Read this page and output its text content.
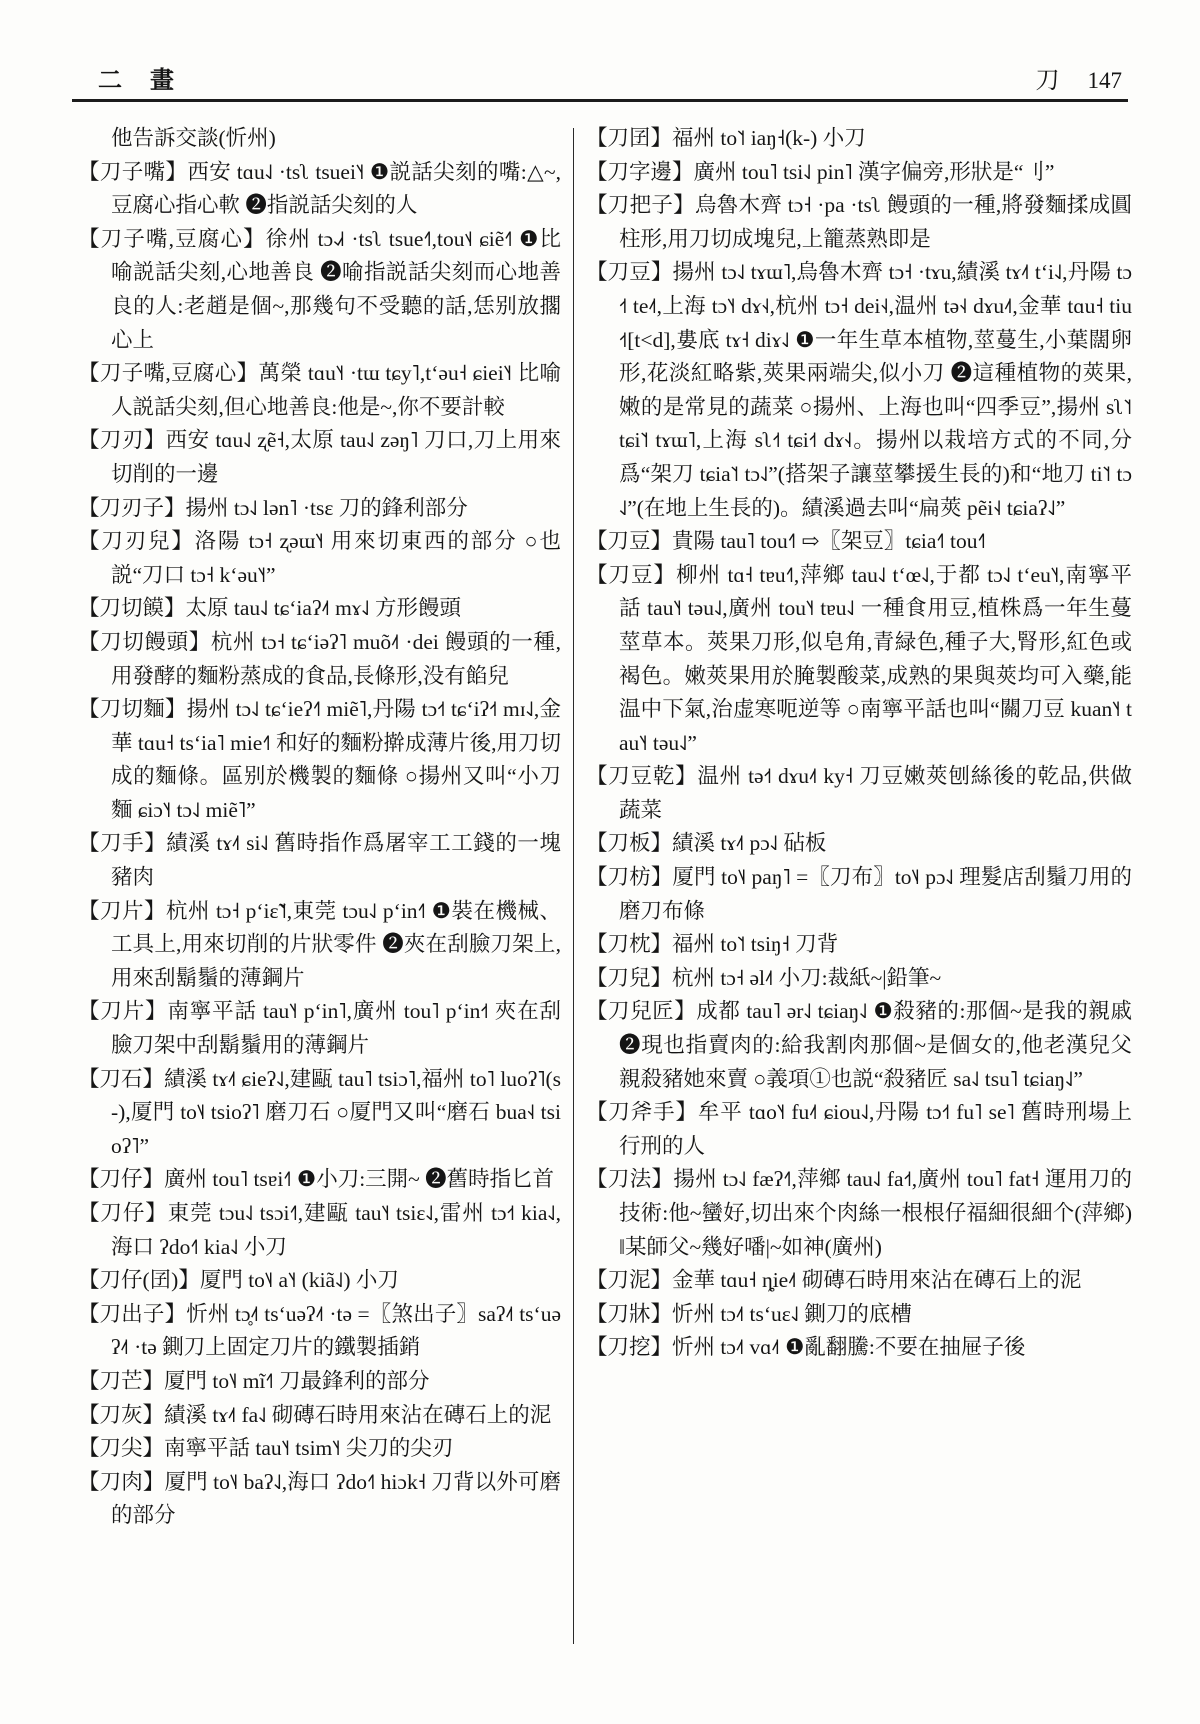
二　畫	刀 147

他告訴交談(忻州)

【刀子嘴】西安 tɑu˨˩ ·tsʅ tsuei˥˧ ❶説話尖刻的嘴:△~,豆腐心指心軟 ❷指説話尖刻的人

【刀子嘴,豆腐心】徐州 tɔ˨˩˧ ·tsʅ tsue˧˥,tou˦˨ ɕiẽ˧˥ ❶比喻説話尖刻,心地善良 ❷喻指説話尖刻而心地善良的人:老趙是個~,那幾句不受聽的話,恁别放擱心上

【刀子嘴,豆腐心】萬榮 tɑu˥˧ ·tɯ tɕy˥,tʻəu˧ ɕiei˥˧ 比喻人説話尖刻,但心地善良:他是~,你不要計較

【刀刃】西安 tɑu˨˩ ʐẽ˧,太原 tau˨˩ zəŋ˥ 刀口,刀上用來切削的一邊

【刀刃子】揚州 tɔ˨˩ lən˥ ·tsɛ 刀的鋒利部分

【刀刃兒】洛陽 tɔ˧ ʐəɯ˥˧ 用來切東西的部分 ○也説“刀口 tɔ˧ kʻəu˥˧”

【刀切饃】太原 tau˨˩ tɕʻiaʔ˨˦ mɤ˨˩ 方形饅頭

【刀切饅頭】杭州 tɔ˧ tɕʻiəʔ˥ muõ˨˦ ·dei 饅頭的一種,用發酵的麵粉蒸成的食品,長條形,没有餡兒

【刀切麵】揚州 tɔ˨˩ tɕʻieʔ˧˥ miẽ˥,丹陽 tɔ˧˦ tɕʻiʔ˧˦ mɪ˨˩,金華 tɑu˧ tsʻia˥ mie˧˥ 和好的麵粉擀成薄片後,用刀切成的麵條。區别於機製的麵條 ○揚州又叫“小刀麵 ɕiɔ˥˧ tɔ˨˩ miẽ˥”

【刀手】績溪 tɤ˨˦ si˨˩ 舊時指作爲屠宰工工錢的一塊豬肉

【刀片】杭州 tɔ˧ pʻiɛ̃˥˦,東莞 tɔu˨˩ pʻin˧˥ ❶裝在機械、工具上,用來切削的片狀零件 ❷夾在刮臉刀架上,用來刮鬍鬚的薄鋼片

【刀片】南寧平話 tau˥˧ pʻin˥,廣州 tou˥ pʻin˧˦ 夾在刮臉刀架中刮鬍鬚用的薄鋼片

【刀石】績溪 tɤ˨˦ ɕieʔ˨˩,建甌 tau˥ tsiɔ˥,福州 to˥ luoʔ˥(s-),厦門 to˥˨ tsioʔ˥ 磨刀石 ○厦門又叫“磨石 bua˧˨ tsioʔ˥”

【刀仔】廣州 tou˥ tsɐi˧˥ ❶小刀:三開~ ❷舊時指匕首

【刀仔】東莞 tɔu˨˩ tsɔi˧˥,建甌 tau˥˧ tsiɛ˨˩,雷州 tɔ˧˦ kia˨˩,海口 ʔdo˧˥ kia˨˩ 小刀

【刀仔(囝)】厦門 to˥˨ a˥˧ (kiã˨˩) 小刀

【刀出子】忻州 tɔ̥˨˦ tsʻuəʔ˨˦ ·tə =〖煞出子〗saʔ˨˦ tsʻuəʔ˨˦ ·tə 鍘刀上固定刀片的鐵製插銷

【刀芒】厦門 to˥˨ mĩ˧˥ 刀最鋒利的部分

【刀灰】績溪 tɤ˨˦ fa˨˩ 砌磚石時用來沾在磚石上的泥

【刀尖】南寧平話 tau˥˧ tsim˥˧ 尖刀的尖刃

【刀肉】厦門 to˥˨ baʔ˨˩,海口 ʔdo˧˥ hiɔk˧ 刀背以外可磨的部分

【刀囝】福州 to˥˦ iaŋ˧(k-) 小刀

【刀字邊】廣州 tou˥ tsi˨˩ pin˥ 漢字偏旁,形狀是“刂”

【刀把子】烏魯木齊 tɔ˧ ·pa ·tsʅ 饅頭的一種,將發麵揉成圓柱形,用刀切成塊兒,上籠蒸熟即是

【刀豆】揚州 tɔ˨˩ tɤɯ˥,烏魯木齊 tɔ˧ ·tɤu,績溪 tɤ˨˦ tʻi˨˩,丹陽 tɔ˧˦ te˨˦,上海 tɔ˥˧ dɤ˧˨,杭州 tɔ˧ dei˧˨,温州 tə˧˨ dɤu˨˦,金華 tɑu˧ tiu˧˦[t<d],婁底 tɤ˧ diɤ˨˩ ❶一年生草本植物,莖蔓生,小葉闊卵形,花淡紅略紫,莢果兩端尖,似小刀 ❷這種植物的莢果,嫩的是常見的蔬菜 ○揚州、上海也叫“四季豆”,揚州 sʅ˥˦ tɕi˥˦ tɤɯ˥,上海 sʅ˧˦ tɕi˧˦ dɤ˧˨。揚州以栽培方式的不同,分爲“架刀 tɕia˥˦ tɔ˨˩”(搭架子讓莖攀援生長的)和“地刀 ti˥˦ tɔ˨˩”(在地上生長的)。績溪過去叫“扁莢 pẽi˧˨ tɕiaʔ˨˩”

【刀豆】貴陽 tau˥ tou˧˥ ⇨〖架豆〗tɕia˧˥ tou˧˥

【刀豆】柳州 tɑ˧ tɐu˧˥,萍鄉 tau˨˩ tʻœ˨˩,于都 tɔ˨˩ tʻeu˥˧,南寧平話 tau˥˧ təu˨˩,廣州 tou˥˧ tɐu˨˩ 一種食用豆,植株爲一年生蔓莖草本。莢果刀形,似皂角,青緑色,種子大,腎形,紅色或褐色。嫩莢果用於腌製酸菜,成熟的果與莢均可入藥,能温中下氣,治虚寒呃逆等 ○南寧平話也叫“關刀豆 kuan˥˧ tau˥˧ təu˨˩”

【刀豆乾】温州 tə˧˦ dɤu˨˦ ky˧ 刀豆嫩莢刨絲後的乾品,供做蔬菜

【刀板】績溪 tɤ˨˦ pɔ˨˩ 砧板

【刀枋】厦門 to˥˨ paŋ˥ =〖刀布〗to˥˨ pɔ˨˩ 理髮店刮鬚刀用的磨刀布條

【刀枕】福州 to˥˦ tsiŋ˧ 刀背

【刀兒】杭州 tɔ˧ əl˨˦ 小刀:裁紙~|鉛筆~

【刀兒匠】成都 tau˥ ər˨˩ tɕiaŋ˨˩ ❶殺豬的:那個~是我的親戚 ❷現也指賣肉的:給我割肉那個~是個女的,他老漢兒父親殺豬她來賣 ○義項①也説“殺豬匠 sa˨˩ tsu˥ tɕiaŋ˨˩”

【刀斧手】牟平 tɑo˥˧ fu˨˦ ɕiou˨˩,丹陽 tɔ˧˦ fu˥ se˥ 舊時刑場上行刑的人

【刀法】揚州 tɔ˨˩ fæʔ˧˥,萍鄉 tau˨˩ fa˧˦,廣州 tou˥ fat˧ 運用刀的技術:他~蠻好,切出來个肉絲一根根仔福細很細个(萍鄉)‖某師父~幾好噃|~如神(廣州)

【刀泥】金華 tɑu˧ ȵie˨˦ 砌磚石時用來沾在磚石上的泥

【刀牀】忻州 tɔ˨˦ tsʻuɛ˨˩ 鍘刀的底槽

【刀挖】忻州 tɔ˨˦ vɑ˨˦ ❶亂翻騰:不要在抽屉子後
